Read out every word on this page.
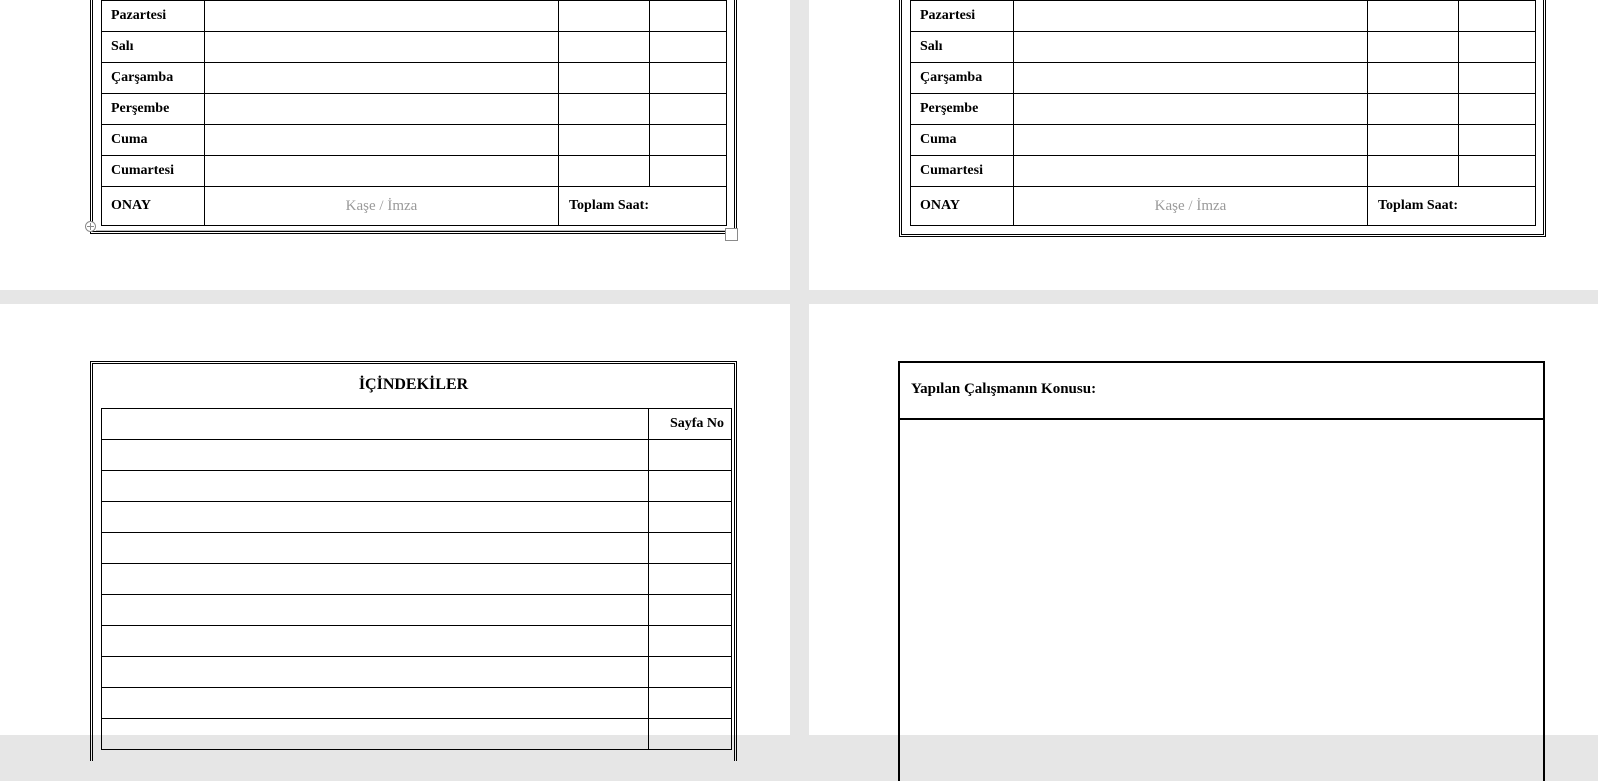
Pazartesi			
Salı			
Çarşamba			
Perşembe			
Cuma			
Cumartesi			
ONAY	Kaşe / İmza	Toplam Saat:	
Pazartesi			
Salı			
Çarşamba			
Perşembe			
Cuma			
Cumartesi			
ONAY	Kaşe / İmza	Toplam Saat:	
İÇİNDEKİLER
	Sayfa No

Yapılan Çalışmanın Konusu:
